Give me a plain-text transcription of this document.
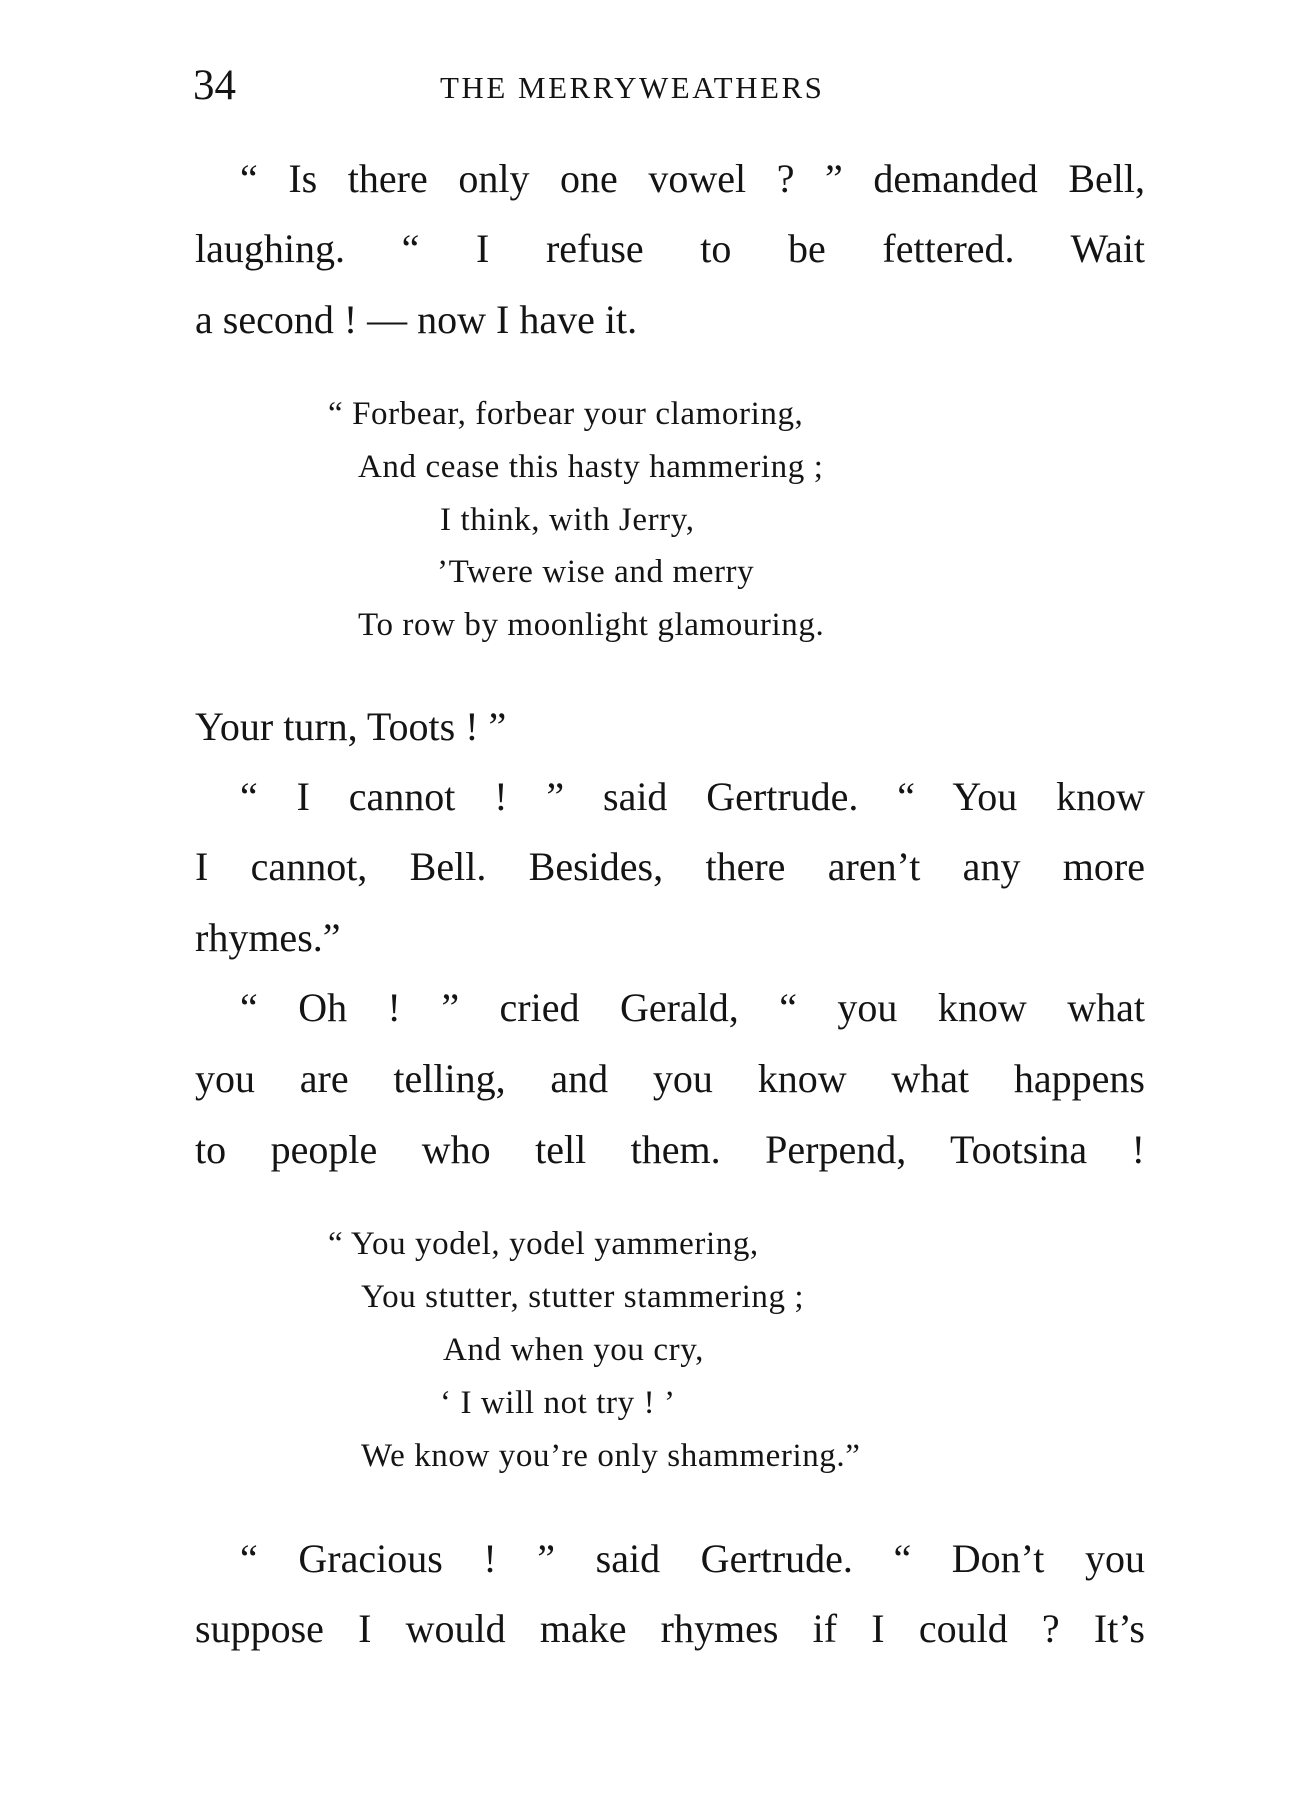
34	THE MERRYWEATHERS
“ Is there only one vowel ? ” demanded Bell,
laughing. “ I refuse to be fettered. Wait
a second ! — now I have it.
“ Forbear, forbear your clamoring,
And cease this hasty hammering ;
I think, with Jerry,
’Twere wise and merry
To row by moonlight glamouring.
Your turn, Toots ! ”
“ I cannot ! ” said Gertrude. “ You know
I cannot, Bell. Besides, there aren’t any more
rhymes.”
“ Oh ! ” cried Gerald, “ you know what
you are telling, and you know what happens
to people who tell them. Perpend, Tootsina !
“ You yodel, yodel yammering,
You stutter, stutter stammering ;
And when you cry,
‘ I will not try ! ’
We know you’re only shammering.”
“ Gracious ! ” said Gertrude. “ Don’t you
suppose I would make rhymes if I could ? It’s
